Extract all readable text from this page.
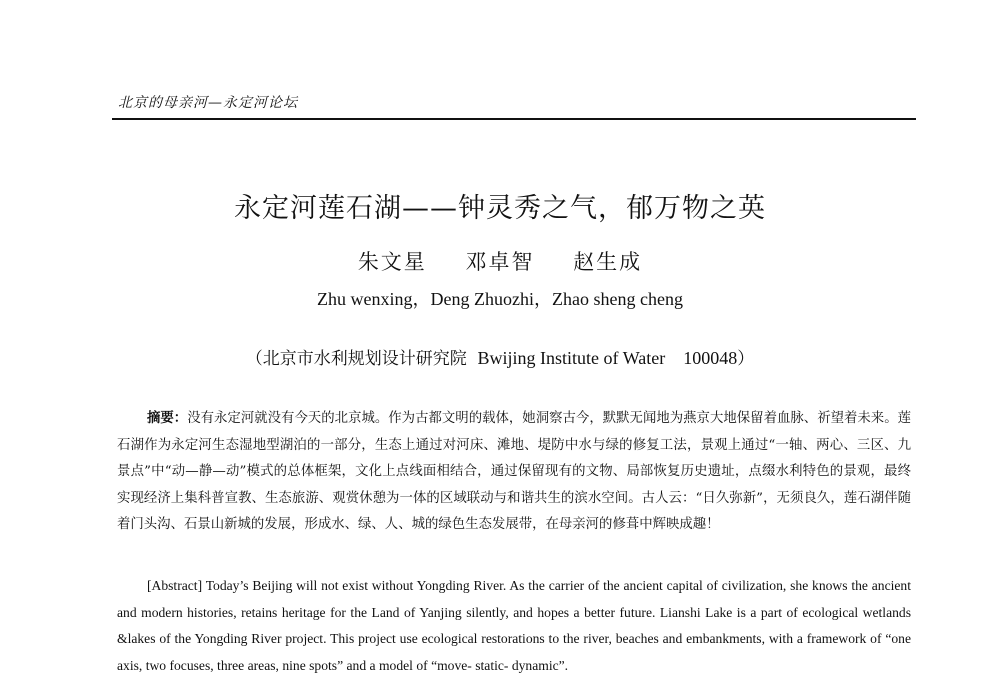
北京的母亲河—永定河论坛
永定河莲石湖——钟灵秀之气，郁万物之英
朱文星 邓卓智 赵生成
Zhu wenxing，Deng Zhuozhi，Zhao sheng cheng
（北京市水利规划设计研究院 Bwijing Institute of Water 100048）
摘要：没有永定河就没有今天的北京城。作为古都文明的载体，她洞察古今，默默无闻地为燕京大地保留着血脉、祈望着未来。莲石湖作为永定河生态湿地型湖泊的一部分，生态上通过对河床、滩地、堤防中水与绿的修复工法，景观上通过“一轴、两心、三区、九景点”中“动—静—动”模式的总体框架，文化上点线面相结合，通过保留现有的文物、局部恢复历史遗址，点缀水利特色的景观，最终实现经济上集科普宣教、生态旅游、观赏休憩为一体的区域联动与和谐共生的滨水空间。古人云：“日久弥新”，无须良久，莲石湖伴随着门头沟、石景山新城的发展，形成水、绿、人、城的绿色生态发展带，在母亲河的修葺中辉映成趣！
[Abstract] Today’s Beijing will not exist without Yongding River. As the carrier of the ancient capital of civilization, she knows the ancient and modern histories, retains heritage for the Land of Yanjing silently, and hopes a better future. Lianshi Lake is a part of ecological wetlands &lakes of the Yongding River project. This project use ecological restorations to the river, beaches and embankments, with a framework of “one axis, two focuses, three areas, nine spots” and a model of “move- static- dynamic”.
